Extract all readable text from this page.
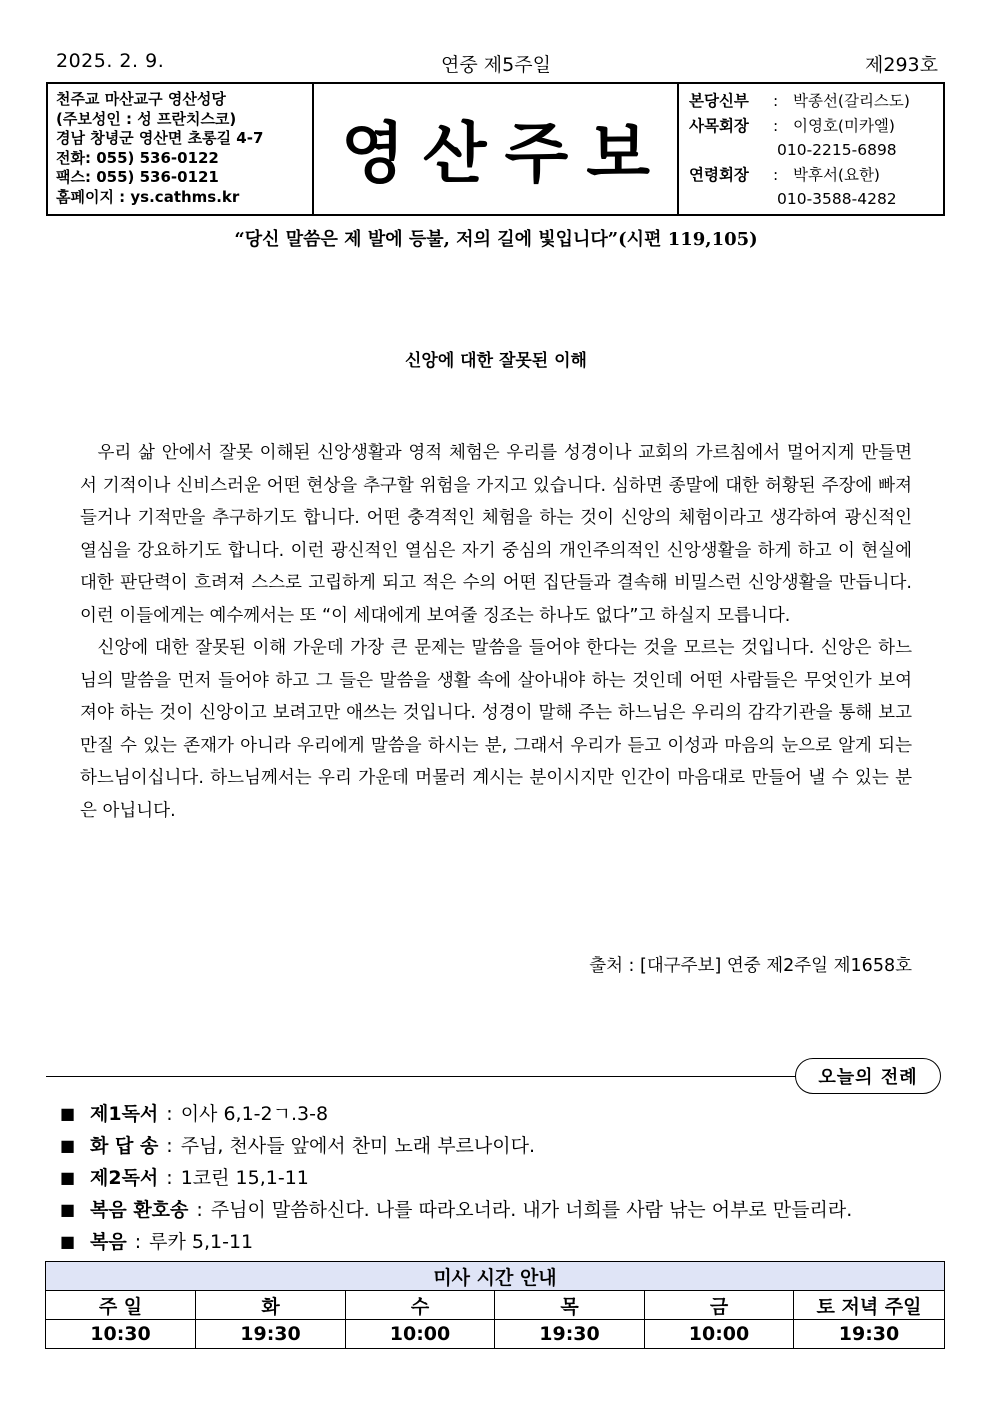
2025. 2. 9.	연중 제5주일	제293호
천주교 마산교구 영산성당
(주보성인 : 성 프란치스코)
경남 창녕군 영산면 초롱길 4-7
전화: 055) 536-0122
팩스: 055) 536-0121
홈페이지 : ys.cathms.kr
영산주보
본당신부	: 박종선(갈리스도)
사목회장	: 이영호(미카엘)
010-2215-6898
연령회장	: 박후서(요한)
010-3588-4282
“당신 말씀은 제 발에 등불, 저의 길에 빛입니다”(시편 119,105)
신앙에 대한 잘못된 이해

우리 삶 안에서 잘못 이해된 신앙생활과 영적 체험은 우리를 성경이나 교회의 가르침에서 멀어지게 만들면서 기적이나 신비스러운 어떤 현상을 추구할 위험을 가지고 있습니다. 심하면 종말에 대한 허황된 주장에 빠져들거나 기적만을 추구하기도 합니다. 어떤 충격적인 체험을 하는 것이 신앙의 체험이라고 생각하여 광신적인 열심을 강요하기도 합니다. 이런 광신적인 열심은 자기 중심의 개인주의적인 신앙생활을 하게 하고 이 현실에 대한 판단력이 흐려져 스스로 고립하게 되고 적은 수의 어떤 집단들과 결속해 비밀스런 신앙생활을 만듭니다. 이런 이들에게는 예수께서는 또 “이 세대에게 보여줄 징조는 하나도 없다”고 하실지 모릅니다.

신앙에 대한 잘못된 이해 가운데 가장 큰 문제는 말씀을 들어야 한다는 것을 모르는 것입니다. 신앙은 하느님의 말씀을 먼저 들어야 하고 그 들은 말씀을 생활 속에 살아내야 하는 것인데 어떤 사람들은 무엇인가 보여져야 하는 것이 신앙이고 보려고만 애쓰는 것입니다. 성경이 말해 주는 하느님은 우리의 감각기관을 통해 보고 만질 수 있는 존재가 아니라 우리에게 말씀을 하시는 분, 그래서 우리가 듣고 이성과 마음의 눈으로 알게 되는 하느님이십니다. 하느님께서는 우리 가운데 머물러 계시는 분이시지만 인간이 마음대로 만들어 낼 수 있는 분은 아닙니다.

출처 : [대구주보] 연중 제2주일 제1658호
오늘의 전례
■ 제1독서 : 이사 6,1-2ㄱ.3-8
■ 화 답 송 : 주님, 천사들 앞에서 찬미 노래 부르나이다.
■ 제2독서 : 1코린 15,1-11
■ 복음 환호송 : 주님이 말씀하신다. 나를 따라오너라. 내가 너희를 사람 낚는 어부로 만들리라.
■ 복음 : 루카 5,1-11
미사 시간 안내					
주 일	화	수	목	금	토 저녁 주일
10:30	19:30	10:00	19:30	10:00	19:30
